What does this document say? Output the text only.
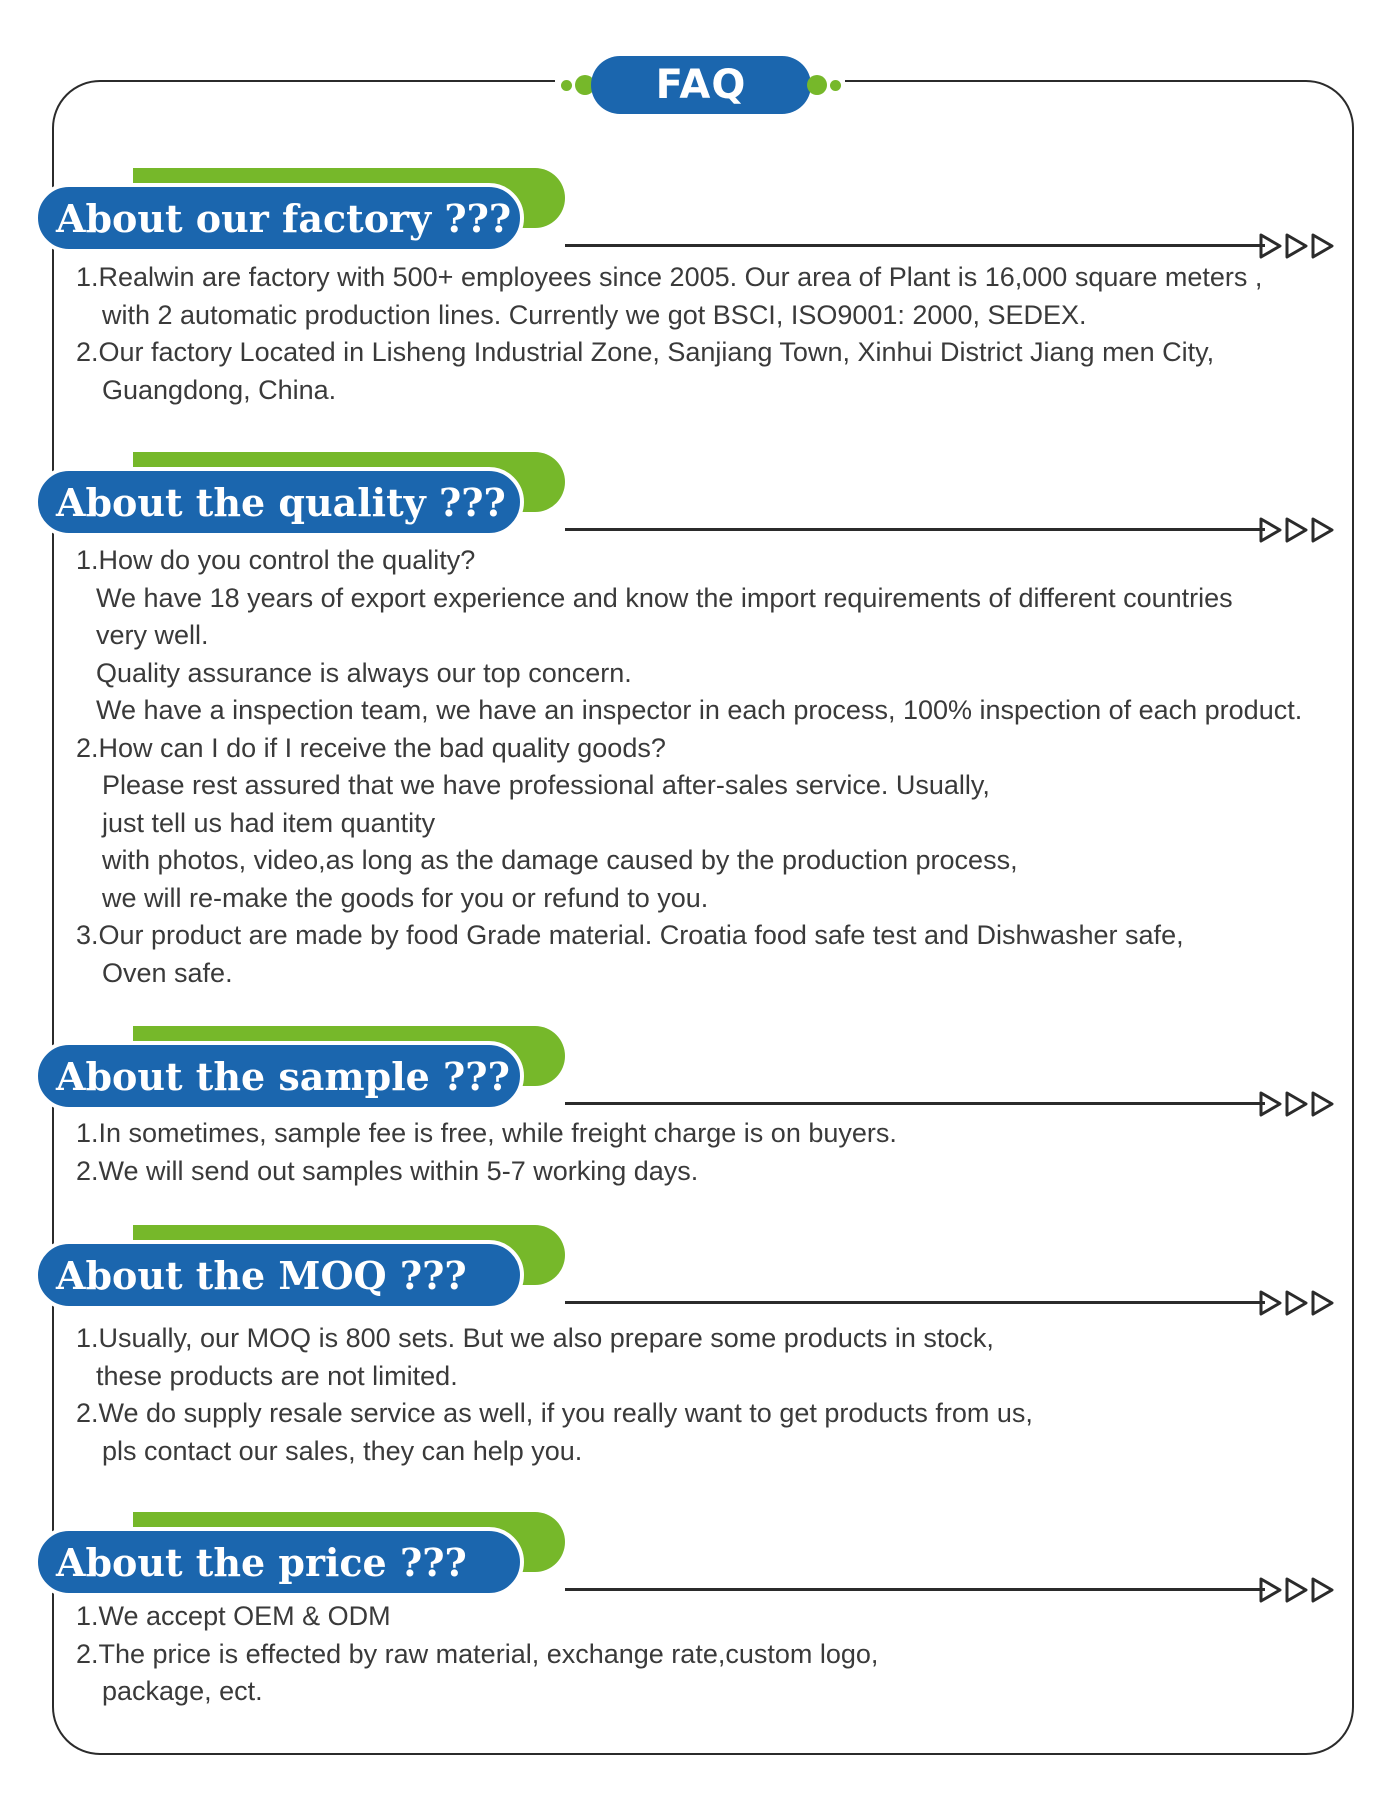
FAQ
About our factory ???
1.Realwin are factory with 500+ employees since 2005. Our area of Plant is 16,000 square meters ,
with 2 automatic production lines. Currently we got BSCI, ISO9001: 2000, SEDEX.
2.Our factory Located in Lisheng Industrial Zone, Sanjiang Town, Xinhui District Jiang men City,
Guangdong, China.
About the quality ???
1.How do you control the quality?
We have 18 years of export experience and know the import requirements of different countries
very well.
Quality assurance is always our top concern.
We have a inspection team, we have an inspector in each process, 100% inspection of each product.
2.How can I do if I receive the bad quality goods?
Please rest assured that we have professional after-sales service. Usually,
just tell us had item quantity
with photos, video,as long as the damage caused by the production process,
we will re-make the goods for you or refund to you.
3.Our product are made by food Grade material. Croatia food safe test and Dishwasher safe,
Oven safe.
About the sample ???
1.In sometimes, sample fee is free, while freight charge is on buyers.
2.We will send out samples within 5-7 working days.
About the MOQ ???
1.Usually, our MOQ is 800 sets. But we also prepare some products in stock,
these products are not limited.
2.We do supply resale service as well, if you really want to get products from us,
pls contact our sales, they can help you.
About the price ???
1.We accept OEM & ODM
2.The price is effected by raw material, exchange rate,custom logo,
package, ect.
